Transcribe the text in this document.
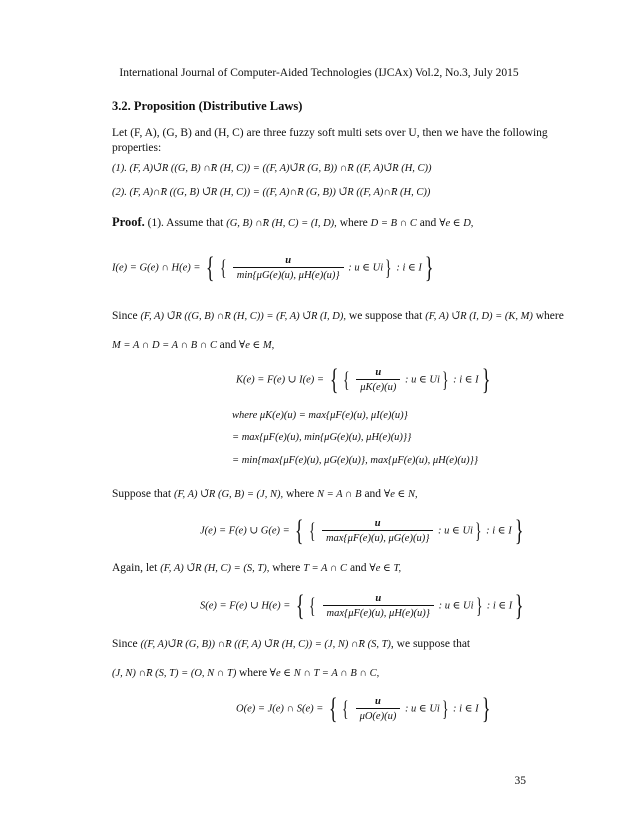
International Journal of Computer-Aided Technologies (IJCAx) Vol.2, No.3, July 2015
3.2. Proposition (Distributive Laws)
Let (F, A), (G, B) and (H, C) are three fuzzy soft multi sets over U, then we have the following
properties:
(1). (F, A)∪̃R ((G, B) ∩̃R (H, C)) = ((F, A)∪̃R (G, B)) ∩̃R ((F, A)∪̃R (H, C))
(2). (F, A)∩̃R ((G, B) ∪̃R (H, C)) = ((F, A)∩̃R (G, B)) ∪̃R ((F, A)∩̃R (H, C))
Proof. (1). Assume that (G, B) ∩̃R (H, C) = (I, D), where D = B ∩ C and ∀e ∈ D,
I(e) = G(e) ∩ H(e) = { { $\frac{u}{\min\{\mu G(e)(u), \mu H(e)(u)\}}$ : u ∈ Ui} : i ∈ I}
Since (F, A) ∪̃R ((G, B) ∩̃R (H, C)) = (F, A) ∪̃R (I, D), we suppose that (F, A) ∪̃R (I, D) = (K, M) where
M = A ∩ D = A ∩ B ∩ C and ∀e ∈ M,
K(e) = F(e) ∪ I(e) = { { $\frac{u}{\mu K(e)(u)}$ : u ∈ Ui} : i ∈ I}
where μK(e)(u) = max{μF(e)(u), μI(e)(u)}
= max{μF(e)(u), min{μG(e)(u), μH(e)(u)}}
= min{max{μF(e)(u), μG(e)(u)}, max{μF(e)(u), μH(e)(u)}}
Suppose that (F, A) ∪̃R (G, B) = (J, N), where N = A ∩ B and ∀e ∈ N,
J(e) = F(e) ∪ G(e) = { { $\frac{u}{\max\{\mu F(e)(u), \mu G(e)(u)\}}$ : u ∈ Ui} : i ∈ I}
Again, let (F, A) ∪̃R (H, C) = (S, T), where T = A ∩ C and ∀e ∈ T,
S(e) = F(e) ∪ H(e) = { { $\frac{u}{\max\{\mu F(e)(u), \mu H(e)(u)\}}$ : u ∈ Ui} : i ∈ I}
Since ((F, A)∪̃R (G, B)) ∩̃R ((F, A) ∪̃R (H, C)) = (J, N) ∩̃R (S, T), we suppose that
(J, N) ∩̃R (S, T) = (O, N ∩ T) where ∀e ∈ N ∩ T = A ∩ B ∩ C,
O(e) = J(e) ∩ S(e) = { { $\frac{u}{\mu O(e)(u)}$ : u ∈ Ui} : i ∈ I}
35
